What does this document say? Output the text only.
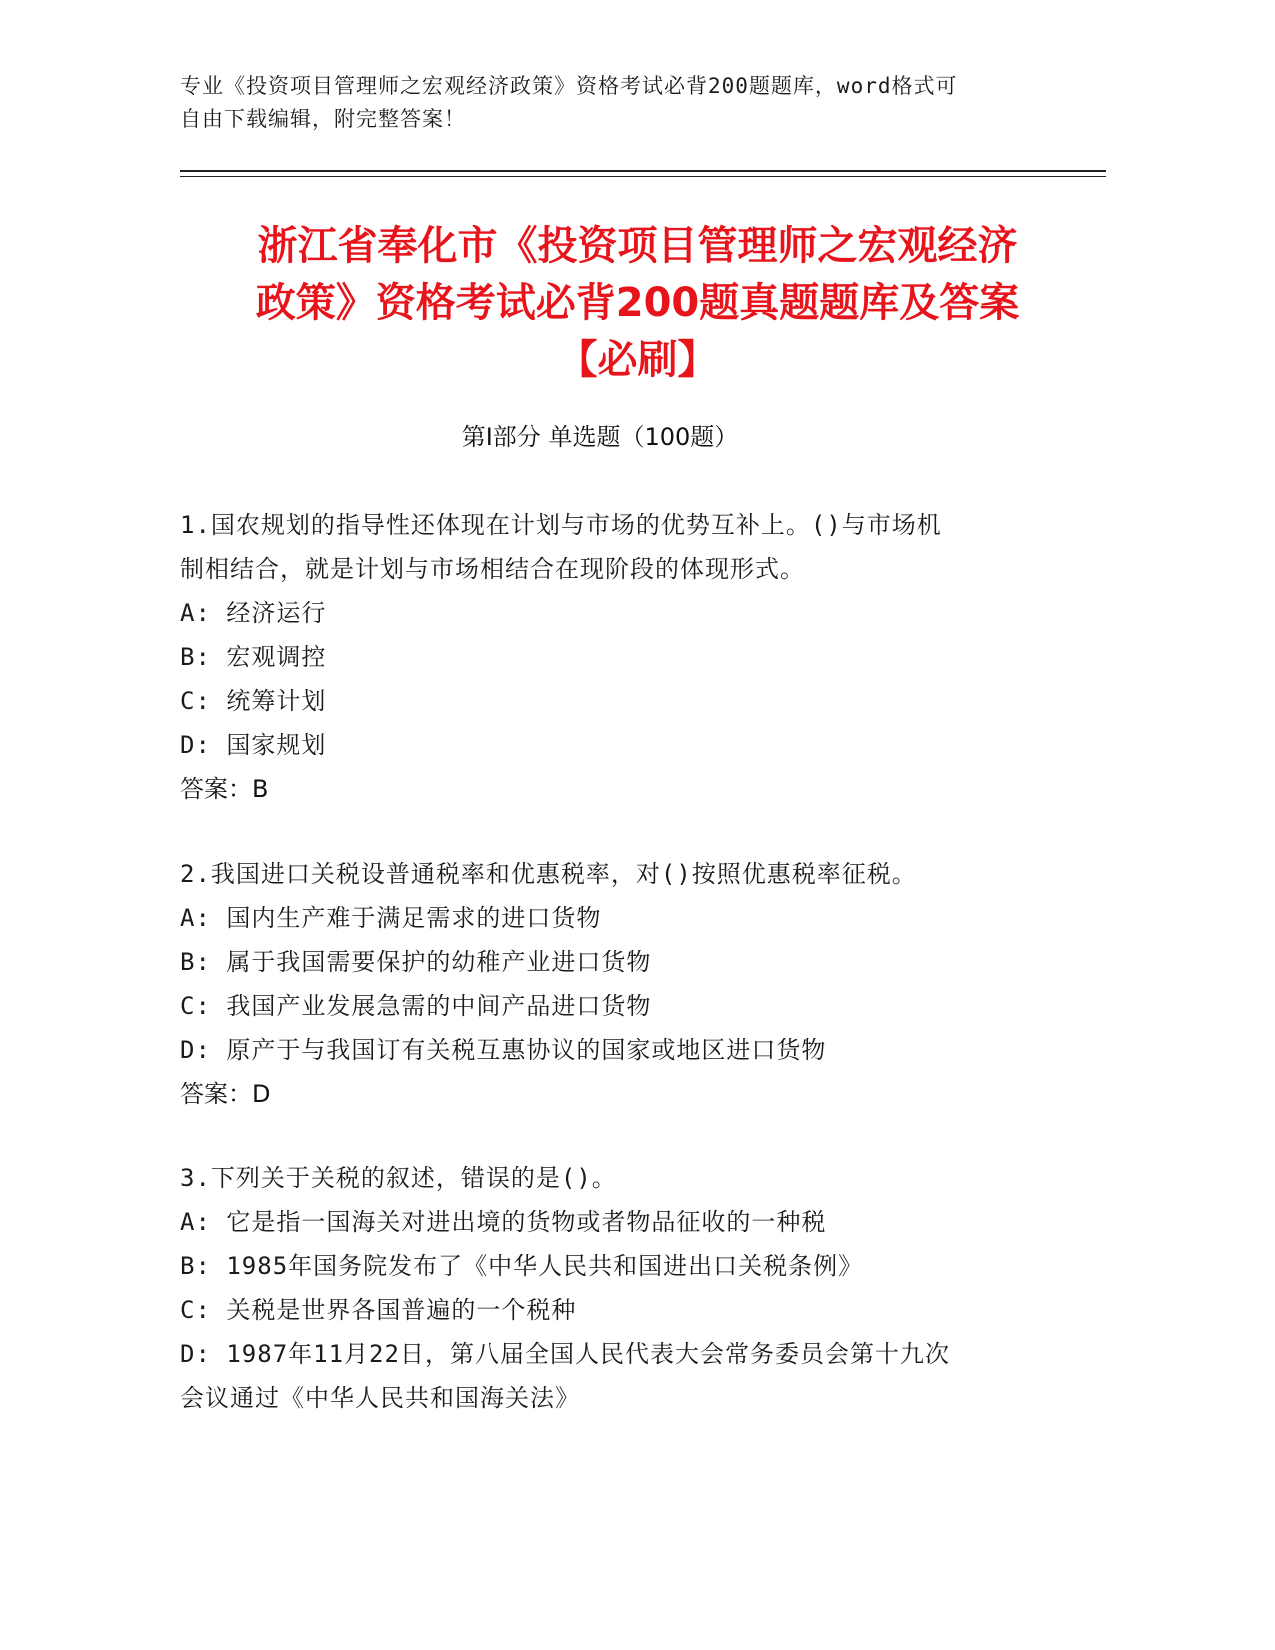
专业《投资项目管理师之宏观经济政策》资格考试必背200题题库，word格式可
自由下载编辑，附完整答案！
浙江省奉化市《投资项目管理师之宏观经济
政策》资格考试必背200题真题题库及答案
【必刷】
第Ⅰ部分 单选题（100题）
1.国农规划的指导性还体现在计划与市场的优势互补上。()与市场机
制相结合，就是计划与市场相结合在现阶段的体现形式。
A: 经济运行
B: 宏观调控
C: 统筹计划
D: 国家规划
答案：B
2.我国进口关税设普通税率和优惠税率，对()按照优惠税率征税。
A: 国内生产难于满足需求的进口货物
B: 属于我国需要保护的幼稚产业进口货物
C: 我国产业发展急需的中间产品进口货物
D: 原产于与我国订有关税互惠协议的国家或地区进口货物
答案：D
3.下列关于关税的叙述，错误的是()。
A: 它是指一国海关对进出境的货物或者物品征收的一种税
B: 1985年国务院发布了《中华人民共和国进出口关税条例》
C: 关税是世界各国普遍的一个税种
D: 1987年11月22日，第八届全国人民代表大会常务委员会第十九次
会议通过《中华人民共和国海关法》
